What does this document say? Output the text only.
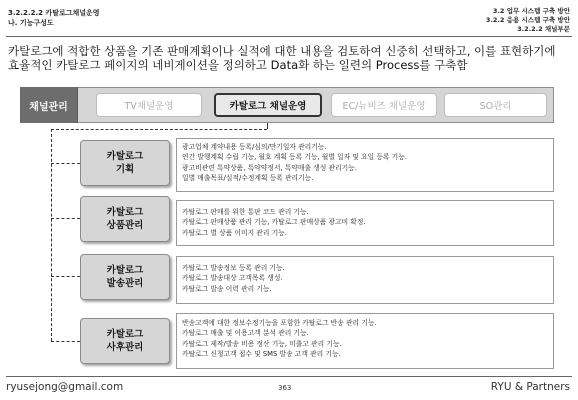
3.2.2.2.2 카탈로그채널운영
나. 기능구성도
3.2 업무 시스템 구축 방안
3.2.2 응용 시스템 구축 방안
3.2.2.2 채널부문
카탈로그에 적합한 상품을 기존 판매계획이나 실적에 대한 내용을 검토하여 신중히 선택하고, 이를 표현하기에 효율적인 카탈로그 페이지의 네비게이션을 정의하고 Data화 하는 일련의 Process를 구축함
채널관리	TV채널운영	카탈로그 채널운영	EC/뉴비즈 채널운영	SO관리
카탈로그
기획
광고업체 계약내용 등록/심의/만기일자 관리기능.
연간 발행계획 수립 기능, 월호 계획 등록 기능, 월별 일자 및 요일 등록 기능.
광고비관련 특약상품, 특약약정서, 특약매출 생성 관리기능.
일별 매출목표/실적/수정계획 등록 관리기능.
카탈로그
상품관리
카탈로그 판매를 위한 통판 코드 관리 기능.
카탈로그 판매상품 관리 기능, 카탈로그 판매상품 광고비 확정.
카탈로그 별 상품 이미지 관리 기능.
카탈로그
발송관리
카탈로그 발송정보 등록 관리 기능.
카탈로그 발송대상 고객목록 생성.
카탈로그 발송 이력 관리 기능.
카탈로그
사후관리
반송고객에 대한 정보수정기능을 포함한 카탈로그 반송 관리 기능.
카탈로그 매출 및 이용고객 분석 관리 기능.
카탈로그 제작/발송 비용 정산 기능, 미출고 관리 기능.
카탈로그 신청고객 접수 및 SMS 발송 고객 관리 기능.
ryusejong@gmail.com	363	RYU & Partners
